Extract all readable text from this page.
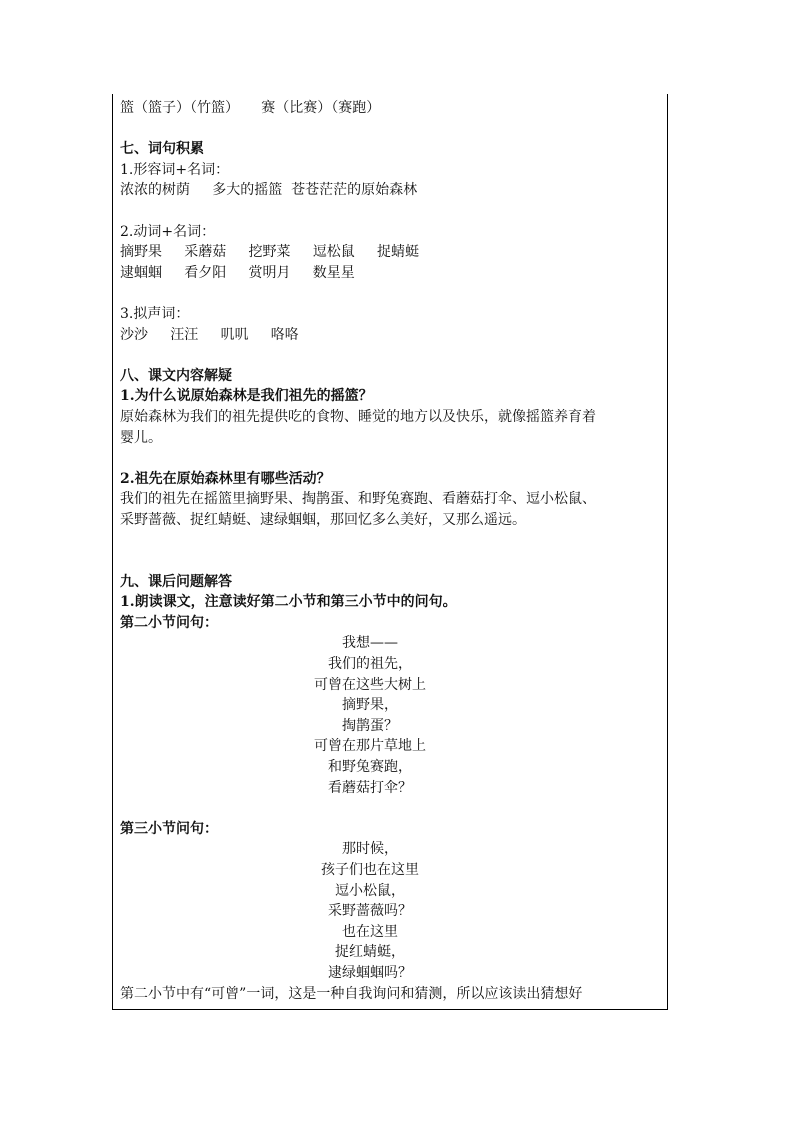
篮（篮子）（竹篮）     赛（比赛）（赛跑）
七、词句积累
1.形容词+名词：
浓浓的树荫     多大的摇篮  苍苍茫茫的原始森林
2.动词+名词：
摘野果     采蘑菇     挖野菜     逗松鼠     捉蜻蜓
逮蝈蝈     看夕阳     赏明月     数星星
3.拟声词：
沙沙     汪汪     叽叽     咯咯
八、课文内容解疑
1.为什么说原始森林是我们祖先的摇篮？
原始森林为我们的祖先提供吃的食物、睡觉的地方以及快乐，就像摇篮养育着
婴儿。
2.祖先在原始森林里有哪些活动？
我们的祖先在摇篮里摘野果、掏鹊蛋、和野兔赛跑、看蘑菇打伞、逗小松鼠、
采野蔷薇、捉红蜻蜓、逮绿蝈蝈，那回忆多么美好，又那么遥远。
九、课后问题解答
1.朗读课文，注意读好第二小节和第三小节中的问句。
第二小节问句：
我想——
我们的祖先，
可曾在这些大树上
摘野果，
掏鹊蛋？
可曾在那片草地上
和野兔赛跑，
看蘑菇打伞？
第三小节问句：
那时候，
孩子们也在这里
逗小松鼠，
采野蔷薇吗？
也在这里
捉红蜻蜓，
逮绿蝈蝈吗？
第二小节中有“可曾”一词，这是一种自我询问和猜测，所以应该读出猜想好
